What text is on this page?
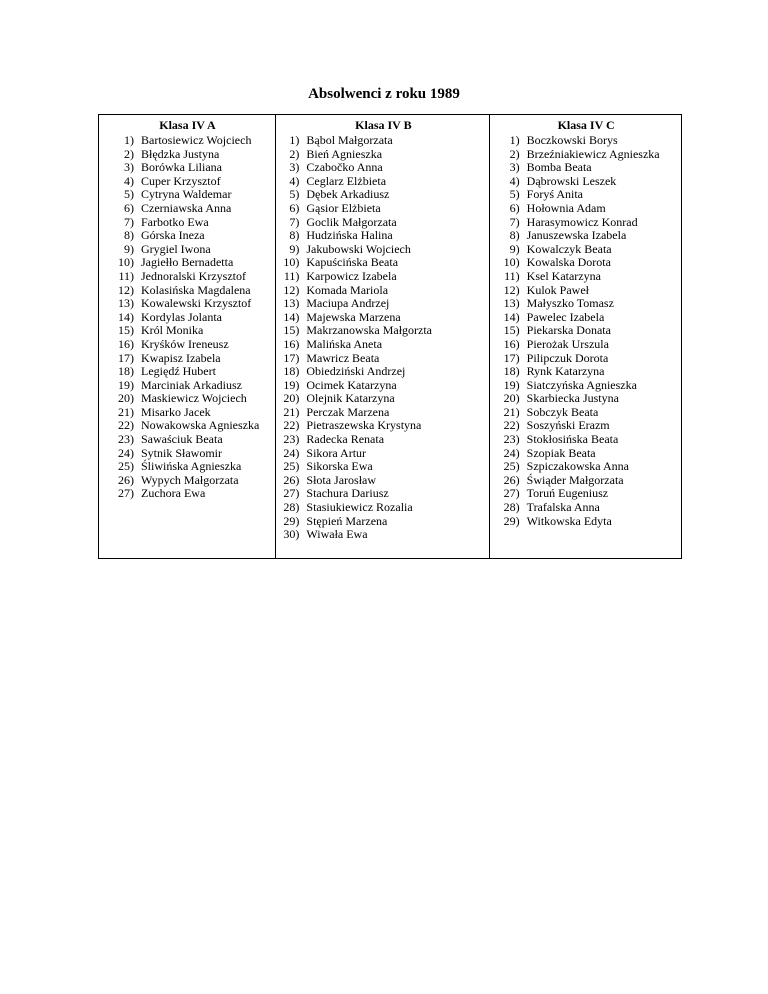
Absolwenci z roku 1989
Klasa IV A
1) Bartosiewicz Wojciech
2) Błędzka Justyna
3) Borówka Liliana
4) Cuper Krzysztof
5) Cytryna Waldemar
6) Czerniawska Anna
7) Farbotko Ewa
8) Górska Ineza
9) Grygiel Iwona
10) Jagiełło Bernadetta
11) Jednoralski Krzysztof
12) Kolasińska Magdalena
13) Kowalewski Krzysztof
14) Kordylas Jolanta
15) Król Monika
16) Kryśków Ireneusz
17) Kwapisz Izabela
18) Legiędź Hubert
19) Marciniak Arkadiusz
20) Maskiewicz Wojciech
21) Misarko Jacek
22) Nowakowska Agnieszka
23) Sawaściuk Beata
24) Sytnik Sławomir
25) Śliwińska Agnieszka
26) Wypych Małgorzata
27) Zuchora Ewa
Klasa IV B
1) Bąbol Małgorzata
2) Bień Agnieszka
3) Czabočko Anna
4) Ceglarz Elżbieta
5) Dębek Arkadiusz
6) Gąsior Elżbieta
7) Goclik Małgorzata
8) Hudzińska Halina
9) Jakubowski Wojciech
10) Kapuścińska Beata
11) Karpowicz Izabela
12) Komada Mariola
13) Maciupa Andrzej
14) Majewska Marzena
15) Makrzanowska Małgorzta
16) Malińska Aneta
17) Mawricz Beata
18) Obiedziński Andrzej
19) Ocimek Katarzyna
20) Olejnik Katarzyna
21) Perczak Marzena
22) Pietraszewska Krystyna
23) Radecka Renata
24) Sikora Artur
25) Sikorska Ewa
26) Słota Jarosław
27) Stachura Dariusz
28) Stasiukiewicz Rozalia
29) Stępień Marzena
30) Wiwała Ewa
Klasa IV C
1) Boczkowski Borys
2) Brzeźniakiewicz Agnieszka
3) Bomba Beata
4) Dąbrowski Leszek
5) Foryś Anita
6) Hołownia Adam
7) Harasymowicz Konrad
8) Januszewska Izabela
9) Kowalczyk Beata
10) Kowalska Dorota
11) Ksel Katarzyna
12) Kulok Paweł
13) Małyszko Tomasz
14) Pawelec Izabela
15) Piekarska Donata
16) Pierożak Urszula
17) Pilipczuk Dorota
18) Rynk Katarzyna
19) Siatczyńska Agnieszka
20) Skarbiecka Justyna
21) Sobczyk Beata
22) Soszyński Erazm
23) Stokłosińska Beata
24) Szopiak Beata
25) Szpiczakowska Anna
26) Świąder Małgorzata
27) Toruń Eugeniusz
28) Trafalska Anna
29) Witkowska Edyta
